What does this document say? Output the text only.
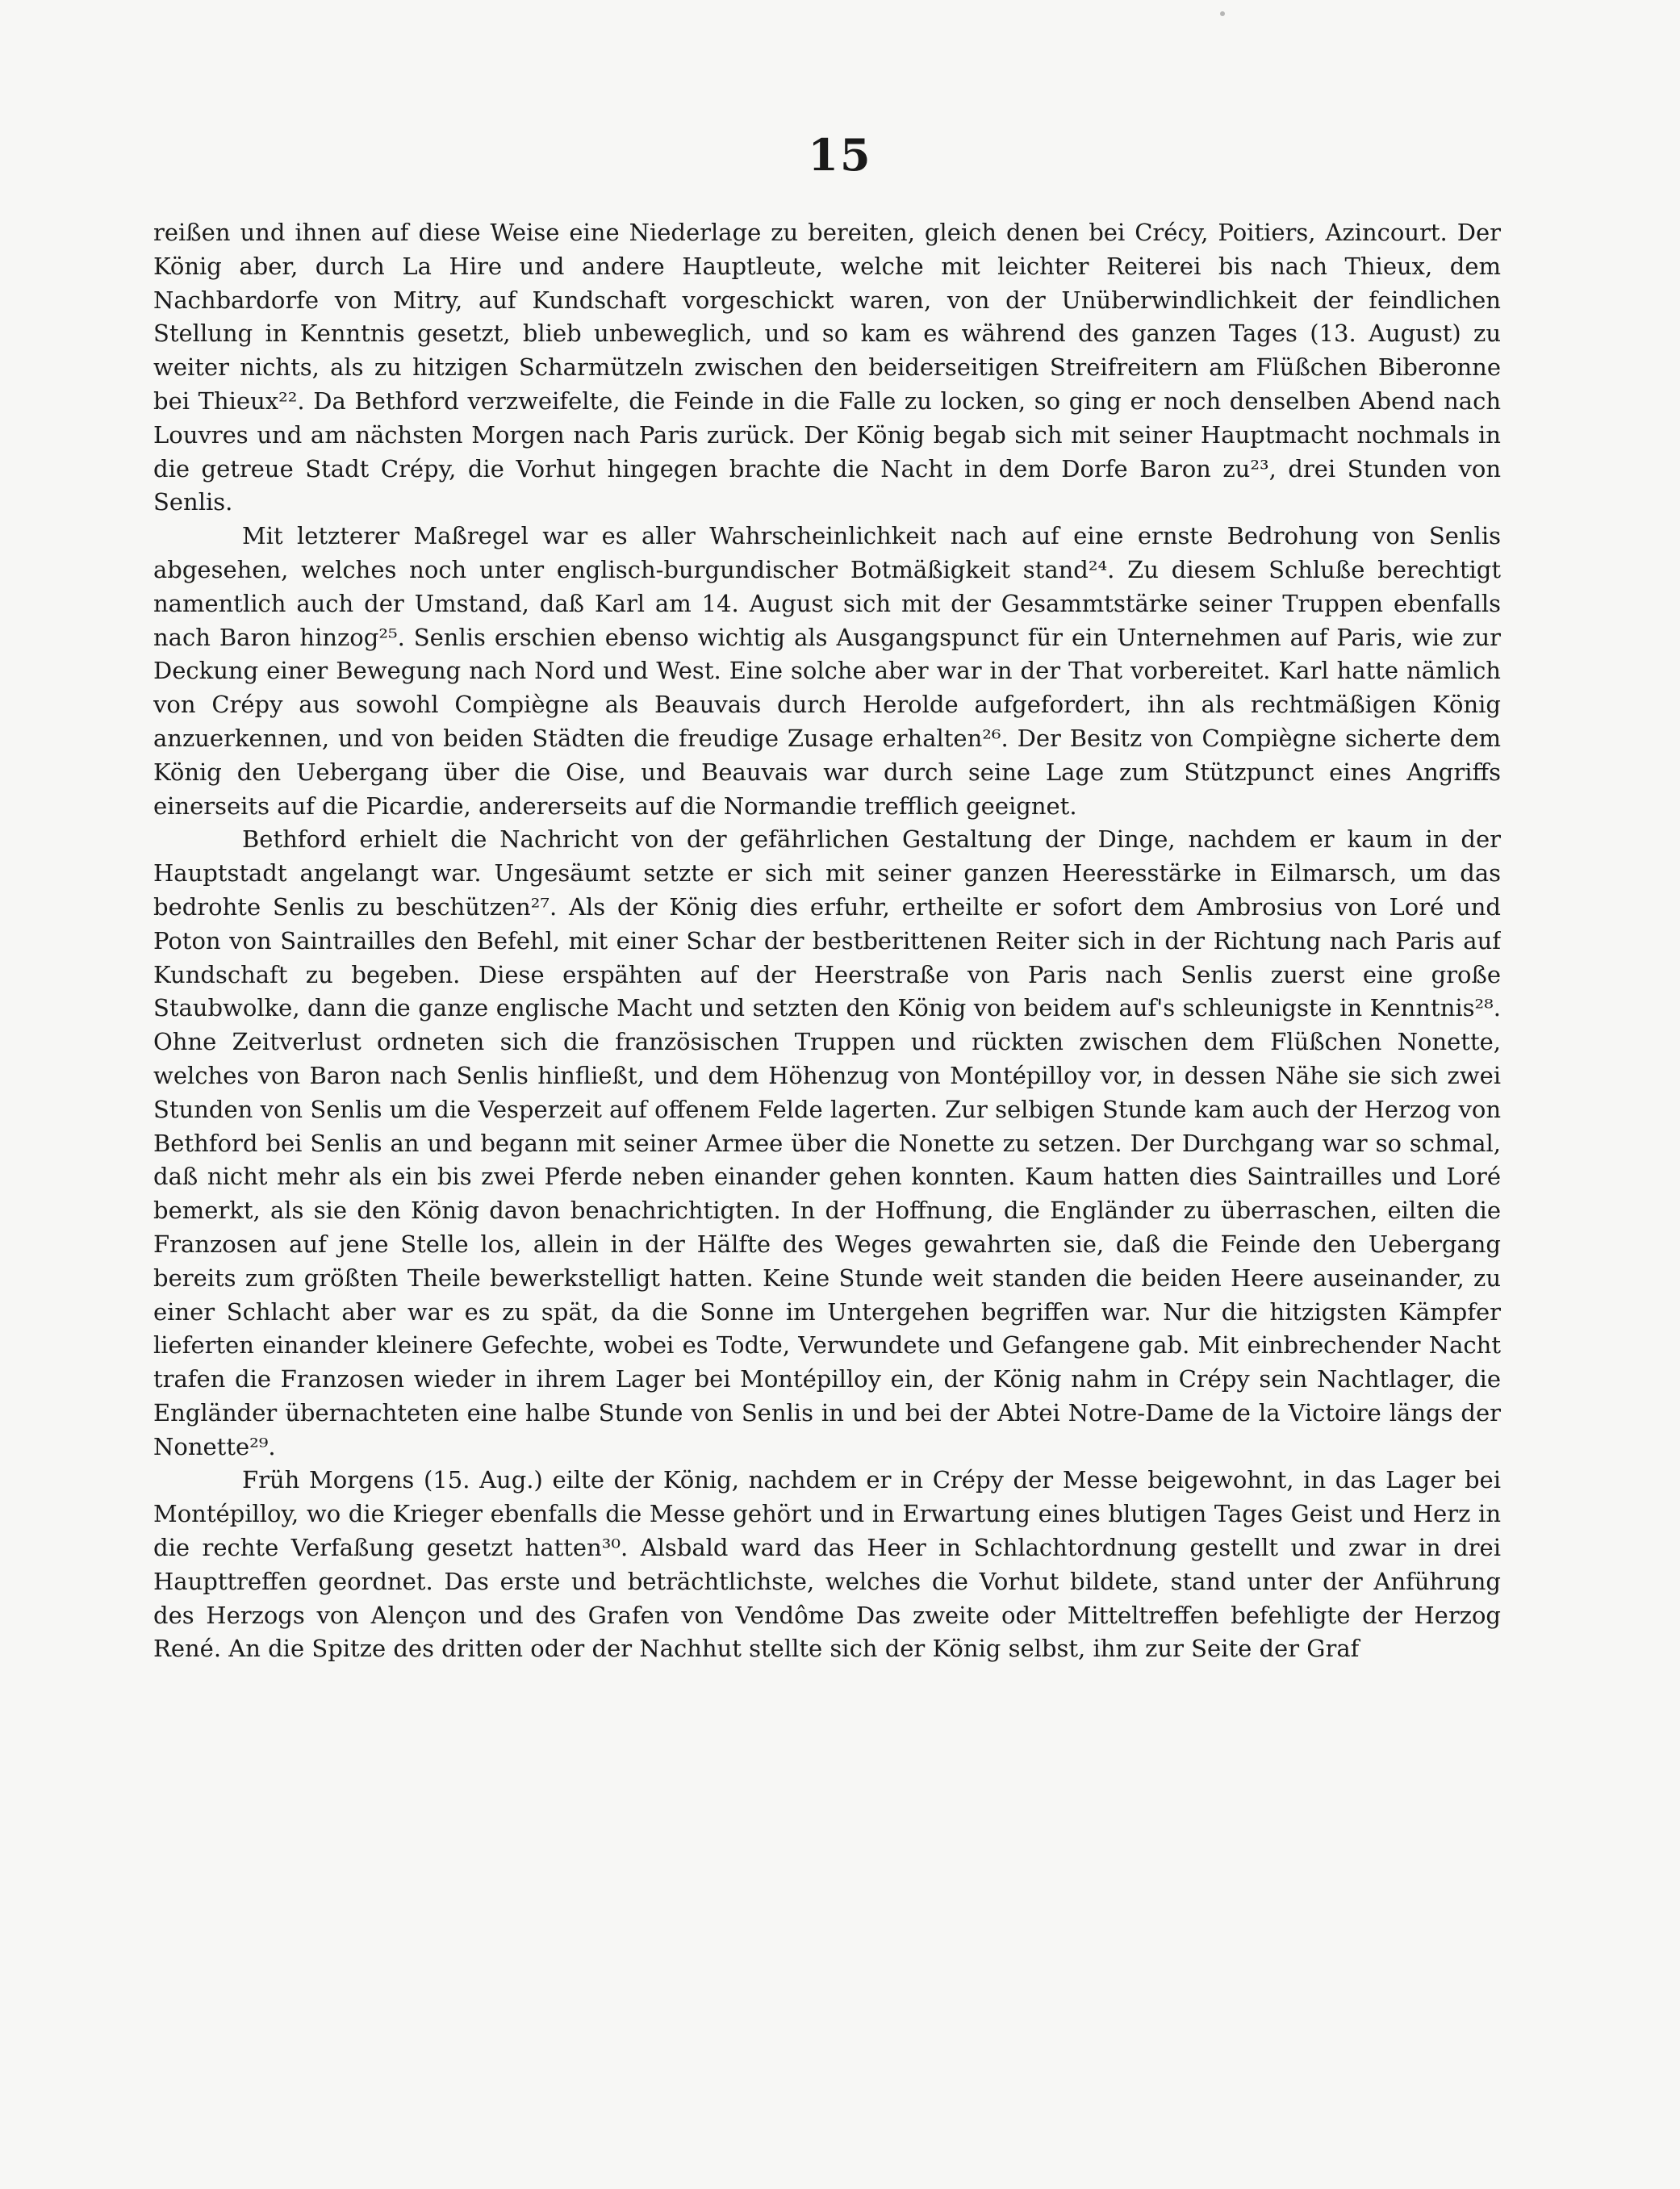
15

reißen und ihnen auf diese Weise eine Niederlage zu bereiten, gleich denen bei Crécy, Poitiers, Azincourt. Der König aber, durch La Hire und andere Hauptleute, welche mit leichter Reiterei bis nach Thieux, dem Nachbardorfe von Mitry, auf Kundschaft vorgeschickt waren, von der Unüberwindlichkeit der feindlichen Stellung in Kenntnis gesetzt, blieb unbeweglich, und so kam es während des ganzen Tages (13. August) zu weiter nichts, als zu hitzigen Scharmützeln zwischen den beiderseitigen Streifreitern am Flüßchen Biberonne bei Thieux²². Da Bethford verzweifelte, die Feinde in die Falle zu locken, so ging er noch denselben Abend nach Louvres und am nächsten Morgen nach Paris zurück. Der König begab sich mit seiner Hauptmacht nochmals in die getreue Stadt Crépy, die Vorhut hingegen brachte die Nacht in dem Dorfe Baron zu²³, drei Stunden von Senlis.

Mit letzterer Maßregel war es aller Wahrscheinlichkeit nach auf eine ernste Bedrohung von Senlis abgesehen, welches noch unter englisch-burgundischer Botmäßigkeit stand²⁴. Zu diesem Schluße berechtigt namentlich auch der Umstand, daß Karl am 14. August sich mit der Gesammtstärke seiner Truppen ebenfalls nach Baron hinzog²⁵. Senlis erschien ebenso wichtig als Ausgangspunct für ein Unternehmen auf Paris, wie zur Deckung einer Bewegung nach Nord und West. Eine solche aber war in der That vorbereitet. Karl hatte nämlich von Crépy aus sowohl Compiègne als Beauvais durch Herolde aufgefordert, ihn als rechtmäßigen König anzuerkennen, und von beiden Städten die freudige Zusage erhalten²⁶. Der Besitz von Compiègne sicherte dem König den Uebergang über die Oise, und Beauvais war durch seine Lage zum Stützpunct eines Angriffs einerseits auf die Picardie, andererseits auf die Normandie trefflich geeignet.

Bethford erhielt die Nachricht von der gefährlichen Gestaltung der Dinge, nachdem er kaum in der Hauptstadt angelangt war. Ungesäumt setzte er sich mit seiner ganzen Heeresstärke in Eilmarsch, um das bedrohte Senlis zu beschützen²⁷. Als der König dies erfuhr, ertheilte er sofort dem Ambrosius von Loré und Poton von Saintrailles den Befehl, mit einer Schar der bestberittenen Reiter sich in der Richtung nach Paris auf Kundschaft zu begeben. Diese erspähten auf der Heerstraße von Paris nach Senlis zuerst eine große Staubwolke, dann die ganze englische Macht und setzten den König von beidem auf's schleunigste in Kenntnis²⁸. Ohne Zeitverlust ordneten sich die französischen Truppen und rückten zwischen dem Flüßchen Nonette, welches von Baron nach Senlis hinfließt, und dem Höhenzug von Montépilloy vor, in dessen Nähe sie sich zwei Stunden von Senlis um die Vesperzeit auf offenem Felde lagerten. Zur selbigen Stunde kam auch der Herzog von Bethford bei Senlis an und begann mit seiner Armee über die Nonette zu setzen. Der Durchgang war so schmal, daß nicht mehr als ein bis zwei Pferde neben einander gehen konnten. Kaum hatten dies Saintrailles und Loré bemerkt, als sie den König davon benachrichtigten. In der Hoffnung, die Engländer zu überraschen, eilten die Franzosen auf jene Stelle los, allein in der Hälfte des Weges gewahrten sie, daß die Feinde den Uebergang bereits zum größten Theile bewerkstelligt hatten. Keine Stunde weit standen die beiden Heere auseinander, zu einer Schlacht aber war es zu spät, da die Sonne im Untergehen begriffen war. Nur die hitzigsten Kämpfer lieferten einander kleinere Gefechte, wobei es Todte, Verwundete und Gefangene gab. Mit einbrechender Nacht trafen die Franzosen wieder in ihrem Lager bei Montépilloy ein, der König nahm in Crépy sein Nachtlager, die Engländer übernachteten eine halbe Stunde von Senlis in und bei der Abtei Notre-Dame de la Victoire längs der Nonette²⁹.

Früh Morgens (15. Aug.) eilte der König, nachdem er in Crépy der Messe beigewohnt, in das Lager bei Montépilloy, wo die Krieger ebenfalls die Messe gehört und in Erwartung eines blutigen Tages Geist und Herz in die rechte Verfaßung gesetzt hatten³⁰. Alsbald ward das Heer in Schlachtordnung gestellt und zwar in drei Haupttreffen geordnet. Das erste und beträchtlichste, welches die Vorhut bildete, stand unter der Anführung des Herzogs von Alençon und des Grafen von Vendôme Das zweite oder Mitteltreffen befehligte der Herzog René. An die Spitze des dritten oder der Nachhut stellte sich der König selbst, ihm zur Seite der Graf
